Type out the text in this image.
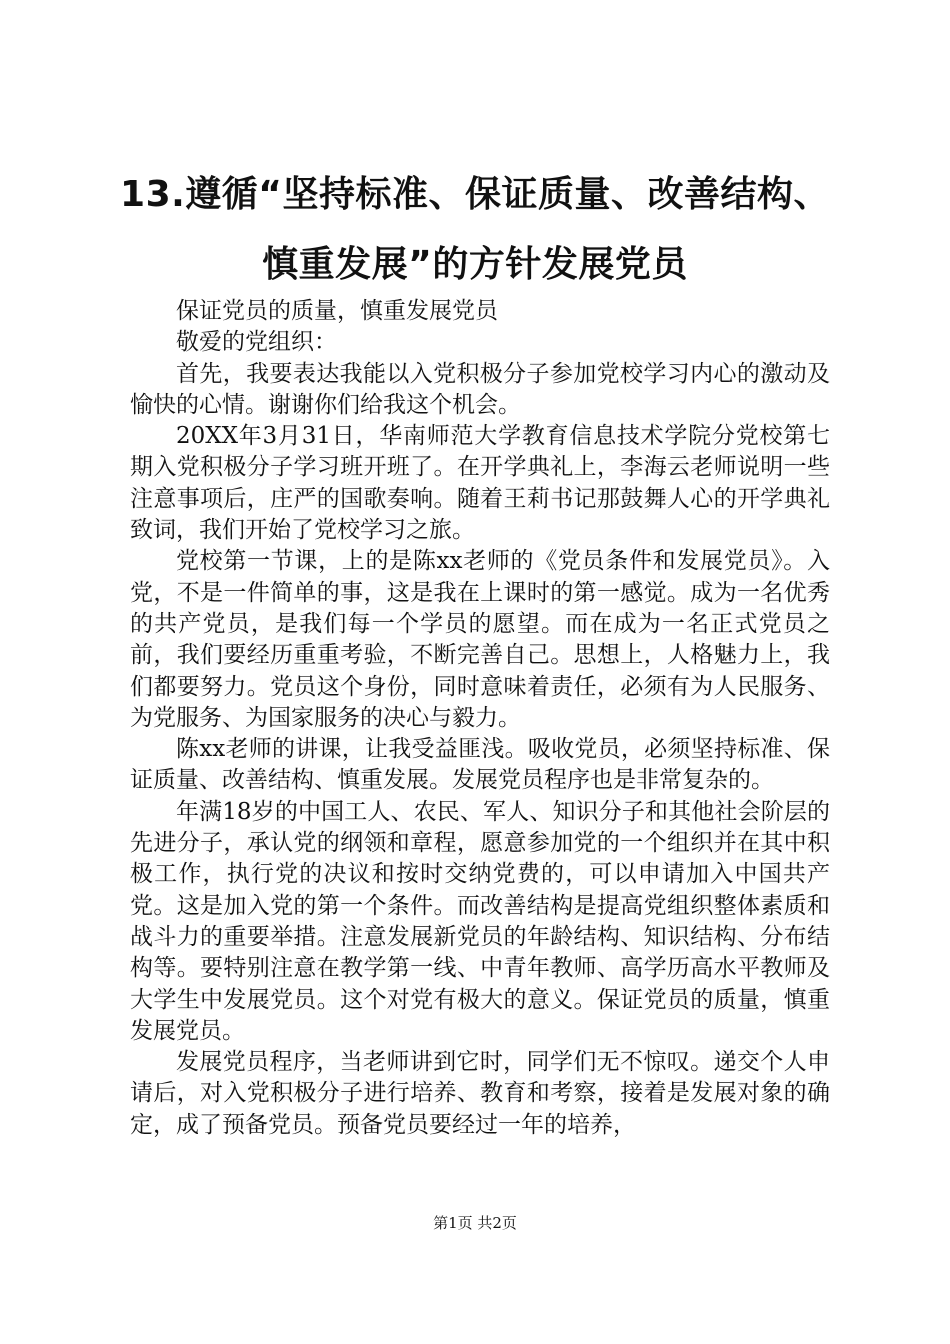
13.遵循“坚持标准、保证质量、改善结构、
慎重发展”的方针发展党员

保证党员的质量，慎重发展党员

敬爱的党组织：

首先，我要表达我能以入党积极分子参加党校学习内心的激动及愉快的心情。谢谢你们给我这个机会。

20XX年3月31日，华南师范大学教育信息技术学院分党校第七期入党积极分子学习班开班了。在开学典礼上，李海云老师说明一些注意事项后，庄严的国歌奏响。随着王莉书记那鼓舞人心的开学典礼致词，我们开始了党校学习之旅。

党校第一节课，上的是陈xx老师的《党员条件和发展党员》。入党，不是一件简单的事，这是我在上课时的第一感觉。成为一名优秀的共产党员，是我们每一个学员的愿望。而在成为一名正式党员之前，我们要经历重重考验，不断完善自己。思想上，人格魅力上，我们都要努力。党员这个身份，同时意味着责任，必须有为人民服务、为党服务、为国家服务的决心与毅力。

陈xx老师的讲课，让我受益匪浅。吸收党员，必须坚持标准、保证质量、改善结构、慎重发展。发展党员程序也是非常复杂的。

年满18岁的中国工人、农民、军人、知识分子和其他社会阶层的先进分子，承认党的纲领和章程，愿意参加党的一个组织并在其中积极工作，执行党的决议和按时交纳党费的，可以申请加入中国共产党。这是加入党的第一个条件。而改善结构是提高党组织整体素质和战斗力的重要举措。注意发展新党员的年龄结构、知识结构、分布结构等。要特别注意在教学第一线、中青年教师、高学历高水平教师及大学生中发展党员。这个对党有极大的意义。保证党员的质量，慎重发展党员。

发展党员程序，当老师讲到它时，同学们无不惊叹。递交个人申请后，对入党积极分子进行培养、教育和考察，接着是发展对象的确定，成了预备党员。预备党员要经过一年的培养，

第1页 共2页
